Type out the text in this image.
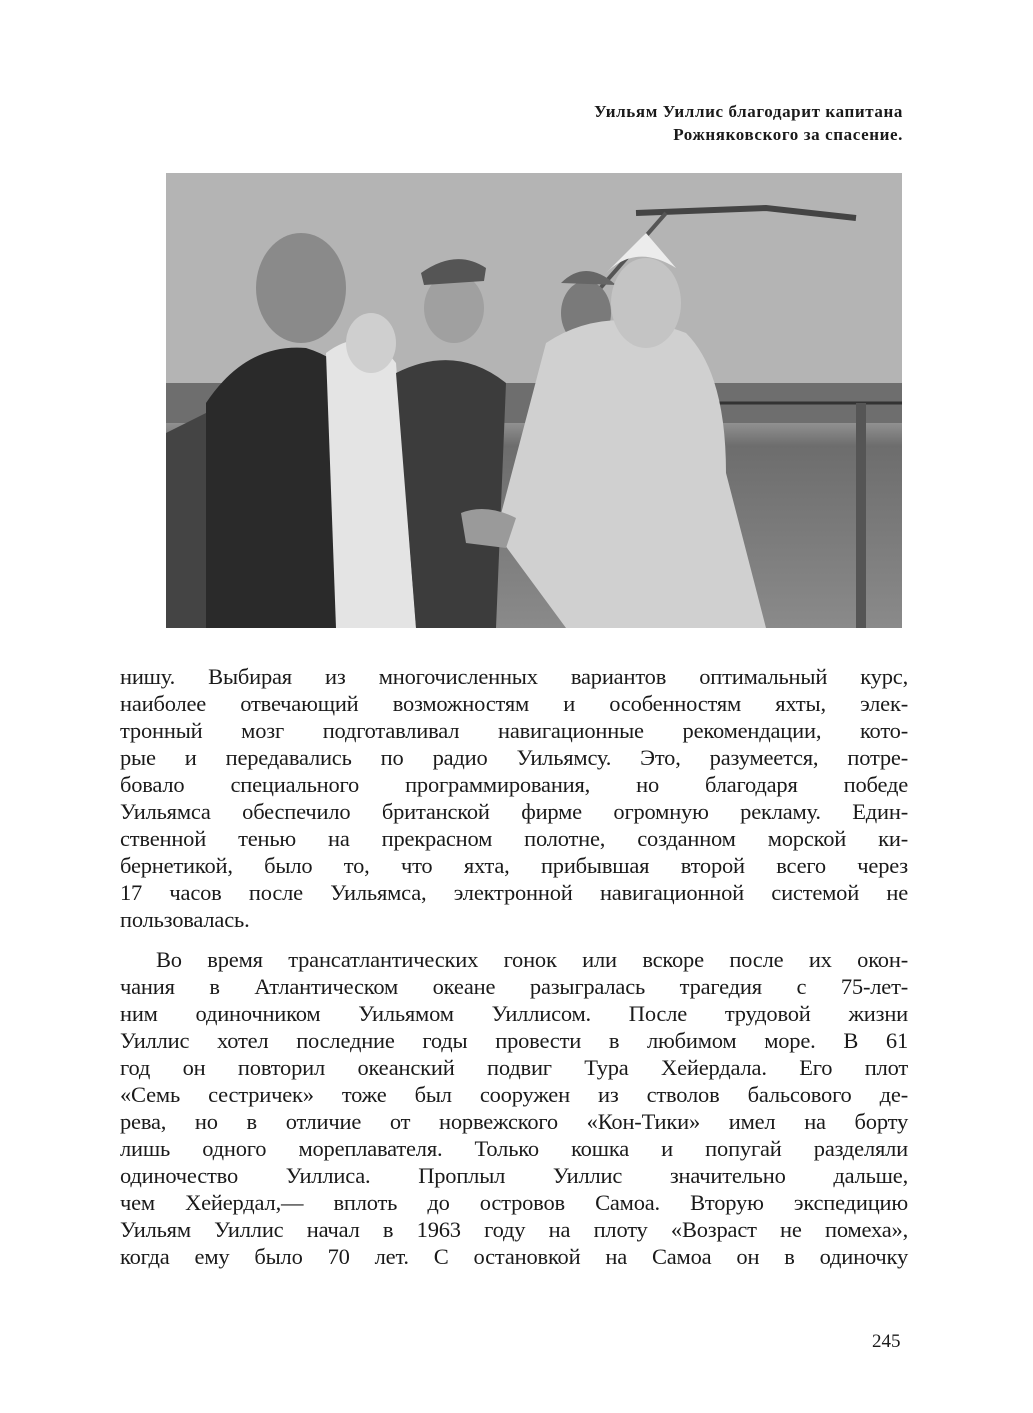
Уильям Уиллис благодарит капитана
Рожняковского за спасение.
нишу. Выбирая из многочисленных вариантов оптимальный курс,
наиболее отвечающий возможностям и особенностям яхты, элек-
тронный мозг подготавливал навигационные рекомендации, кото-
рые и передавались по радио Уильямсу. Это, разумеется, потре-
бовало специального программирования, но благодаря победе
Уильямса обеспечило британской фирме огромную рекламу. Един-
ственной тенью на прекрасном полотне, созданном морской ки-
бернетикой, было то, что яхта, прибывшая второй всего через
17 часов после Уильямса, электронной навигационной системой не
пользовалась.
Во время трансатлантических гонок или вскоре после их окон-
чания в Атлантическом океане разыгралась трагедия с 75-лет-
ним одиночником Уильямом Уиллисом. После трудовой жизни
Уиллис хотел последние годы провести в любимом море. В 61
год он повторил океанский подвиг Тура Хейердала. Его плот
«Семь сестричек» тоже был сооружен из стволов бальсового де-
рева, но в отличие от норвежского «Кон-Тики» имел на борту
лишь одного мореплавателя. Только кошка и попугай разделяли
одиночество Уиллиса. Проплыл Уиллис значительно дальше,
чем Хейердал,— вплоть до островов Самоа. Вторую экспедицию
Уильям Уиллис начал в 1963 году на плоту «Возраст не помеха»,
когда ему было 70 лет. С остановкой на Самоа он в одиночку
245
